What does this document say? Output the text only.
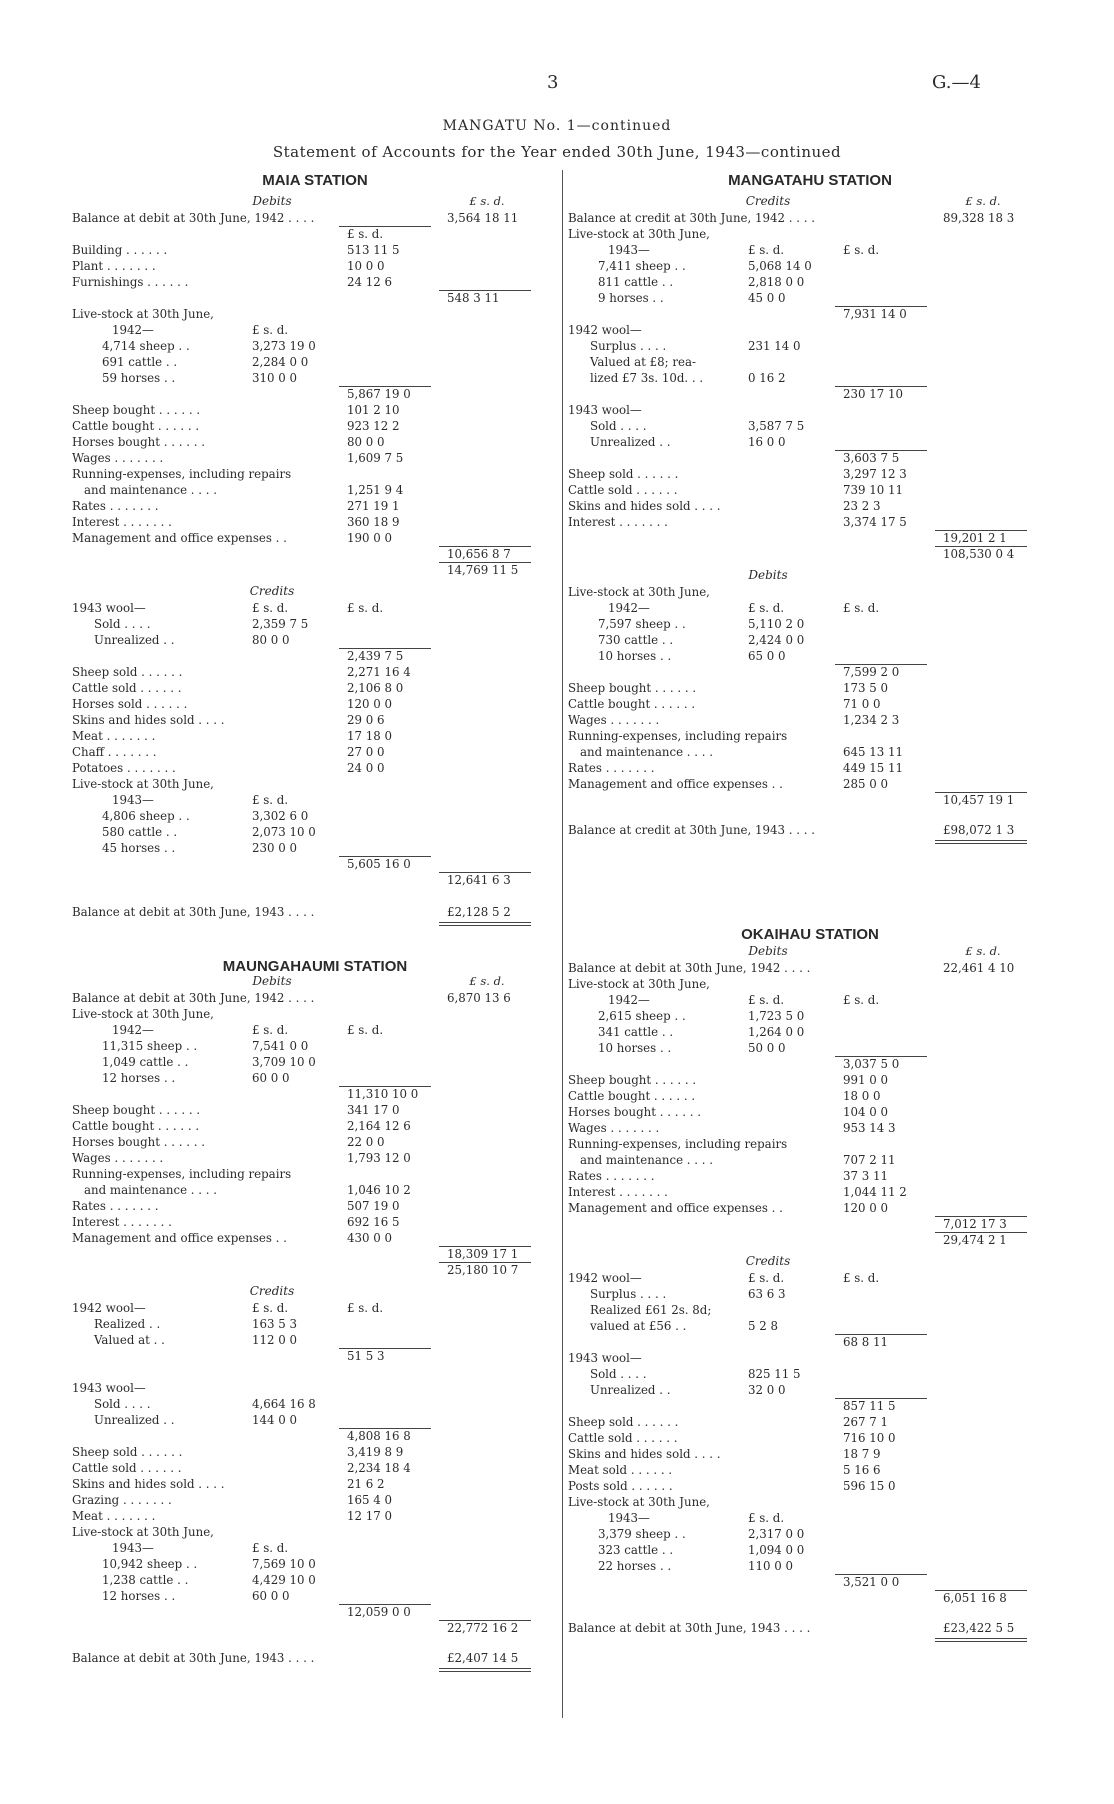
3	G.—4
MANGATU No. 1—continued
Statement of Accounts for the Year ended 30th June, 1943—continued
MAIA STATION	MANGATAHU STATION
MAUNGAHAUMI STATION
OKAIHAU STATION
Debits	£ s. d.
Balance at debit at 30th June, 1942 . . . .	3,564 18 11
£ s. d.
Building . . . . . .	513 11 5
Plant . . . . . . .	10 0 0
Furnishings . . . . . .	24 12 6
548 3 11
Live-stock at 30th June,
1942—	£ s. d.
4,714 sheep . .	3,273 19 0
691 cattle . .	2,284 0 0
59 horses . .	310 0 0
5,867 19 0
Sheep bought . . . . . .	101 2 10
Cattle bought . . . . . .	923 12 2
Horses bought . . . . . .	80 0 0
Wages . . . . . . .	1,609 7 5
Running-expenses, including repairs
and maintenance . . . .	1,251 9 4
Rates . . . . . . .	271 19 1
Interest . . . . . . .	360 18 9
Management and office expenses . .	190 0 0
10,656 8 7
14,769 11 5
Credits
1943 wool—	£ s. d.	£ s. d.
Sold . . . .	2,359 7 5
Unrealized . .	80 0 0
2,439 7 5
Sheep sold . . . . . .	2,271 16 4
Cattle sold . . . . . .	2,106 8 0
Horses sold . . . . . .	120 0 0
Skins and hides sold . . . .	29 0 6
Meat . . . . . . .	17 18 0
Chaff . . . . . . .	27 0 0
Potatoes . . . . . . .	24 0 0
Live-stock at 30th June,
1943—	£ s. d.
4,806 sheep . .	3,302 6 0
580 cattle . .	2,073 10 0
45 horses . .	230 0 0
5,605 16 0
12,641 6 3
Balance at debit at 30th June, 1943 . . . .	£2,128 5 2
Debits	£ s. d.
Balance at debit at 30th June, 1942 . . . .	6,870 13 6
Live-stock at 30th June,
1942—	£ s. d.	£ s. d.
11,315 sheep . .	7,541 0 0
1,049 cattle . .	3,709 10 0
12 horses . .	60 0 0
11,310 10 0
Sheep bought . . . . . .	341 17 0
Cattle bought . . . . . .	2,164 12 6
Horses bought . . . . . .	22 0 0
Wages . . . . . . .	1,793 12 0
Running-expenses, including repairs
and maintenance . . . .	1,046 10 2
Rates . . . . . . .	507 19 0
Interest . . . . . . .	692 16 5
Management and office expenses . .	430 0 0
18,309 17 1
25,180 10 7
Credits
1942 wool—	£ s. d.	£ s. d.
Realized . .	163 5 3
Valued at . .	112 0 0
51 5 3
1943 wool—
Sold . . . .	4,664 16 8
Unrealized . .	144 0 0
4,808 16 8
Sheep sold . . . . . .	3,419 8 9
Cattle sold . . . . . .	2,234 18 4
Skins and hides sold . . . .	21 6 2
Grazing . . . . . . .	165 4 0
Meat . . . . . . .	12 17 0
Live-stock at 30th June,
1943—	£ s. d.
10,942 sheep . .	7,569 10 0
1,238 cattle . .	4,429 10 0
12 horses . .	60 0 0
12,059 0 0
22,772 16 2
Balance at debit at 30th June, 1943 . . . .	£2,407 14 5
Credits	£ s. d.
Balance at credit at 30th June, 1942 . . . .	89,328 18 3
Live-stock at 30th June,
1943—	£ s. d.	£ s. d.
7,411 sheep . .	5,068 14 0
811 cattle . .	2,818 0 0
9 horses . .	45 0 0
7,931 14 0
1942 wool—
Surplus . . . .	231 14 0
Valued at £8; rea-
lized £7 3s. 10d. . .	0 16 2
230 17 10
1943 wool—
Sold . . . .	3,587 7 5
Unrealized . .	16 0 0
3,603 7 5
Sheep sold . . . . . .	3,297 12 3
Cattle sold . . . . . .	739 10 11
Skins and hides sold . . . .	23 2 3
Interest . . . . . . .	3,374 17 5
19,201 2 1
108,530 0 4
Debits
Live-stock at 30th June,
1942—	£ s. d.	£ s. d.
7,597 sheep . .	5,110 2 0
730 cattle . .	2,424 0 0
10 horses . .	65 0 0
7,599 2 0
Sheep bought . . . . . .	173 5 0
Cattle bought . . . . . .	71 0 0
Wages . . . . . . .	1,234 2 3
Running-expenses, including repairs
and maintenance . . . .	645 13 11
Rates . . . . . . .	449 15 11
Management and office expenses . .	285 0 0
10,457 19 1
Balance at credit at 30th June, 1943 . . . .	£98,072 1 3
Debits	£ s. d.
Balance at debit at 30th June, 1942 . . . .	22,461 4 10
Live-stock at 30th June,
1942—	£ s. d.	£ s. d.
2,615 sheep . .	1,723 5 0
341 cattle . .	1,264 0 0
10 horses . .	50 0 0
3,037 5 0
Sheep bought . . . . . .	991 0 0
Cattle bought . . . . . .	18 0 0
Horses bought . . . . . .	104 0 0
Wages . . . . . . .	953 14 3
Running-expenses, including repairs
and maintenance . . . .	707 2 11
Rates . . . . . . .	37 3 11
Interest . . . . . . .	1,044 11 2
Management and office expenses . .	120 0 0
7,012 17 3
29,474 2 1
Credits
1942 wool—	£ s. d.	£ s. d.
Surplus . . . .	63 6 3
Realized £61 2s. 8d;
valued at £56 . .	5 2 8
68 8 11
1943 wool—
Sold . . . .	825 11 5
Unrealized . .	32 0 0
857 11 5
Sheep sold . . . . . .	267 7 1
Cattle sold . . . . . .	716 10 0
Skins and hides sold . . . .	18 7 9
Meat sold . . . . . .	5 16 6
Posts sold . . . . . .	596 15 0
Live-stock at 30th June,
1943—	£ s. d.
3,379 sheep . .	2,317 0 0
323 cattle . .	1,094 0 0
22 horses . .	110 0 0
3,521 0 0
6,051 16 8
Balance at debit at 30th June, 1943 . . . .	£23,422 5 5
